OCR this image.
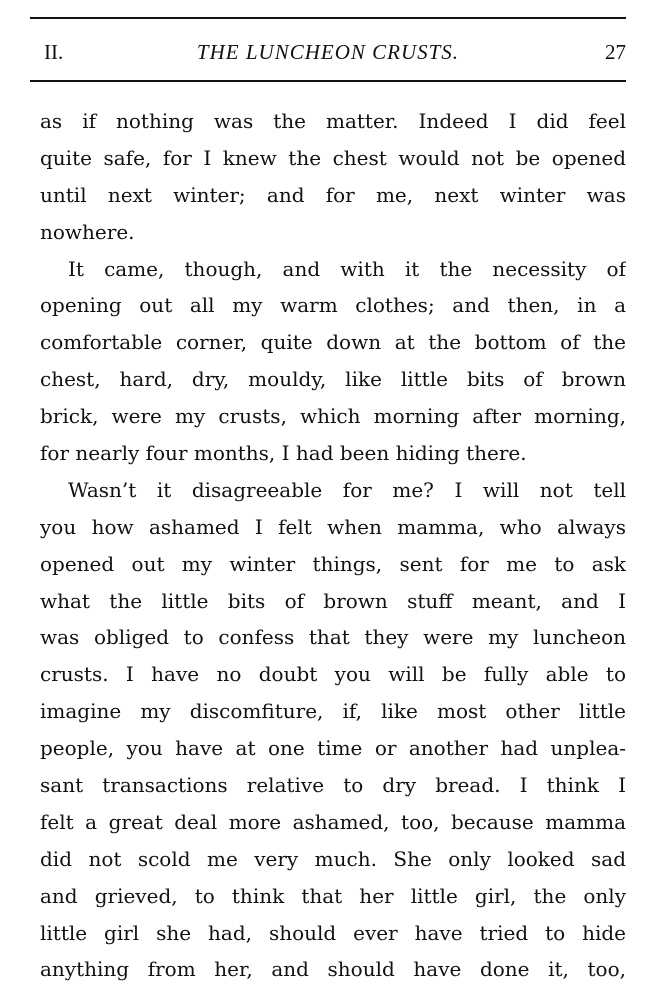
II.	THE LUNCHEON CRUSTS.	27
as if nothing was the matter. Indeed I did feel
quite safe, for I knew the chest would not be opened
until next winter; and for me, next winter was
nowhere.
It came, though, and with it the necessity of
opening out all my warm clothes; and then, in a
comfortable corner, quite down at the bottom of the
chest, hard, dry, mouldy, like little bits of brown
brick, were my crusts, which morning after morning,
for nearly four months, I had been hiding there.
Wasn’t it disagreeable for me? I will not tell
you how ashamed I felt when mamma, who always
opened out my winter things, sent for me to ask
what the little bits of brown stuff meant, and I
was obliged to confess that they were my luncheon
crusts. I have no doubt you will be fully able to
imagine my discomfiture, if, like most other little
people, you have at one time or another had unplea-
sant transactions relative to dry bread. I think I
felt a great deal more ashamed, too, because mamma
did not scold me very much. She only looked sad
and grieved, to think that her little girl, the only
little girl she had, should ever have tried to hide
anything from her, and should have done it, too,
